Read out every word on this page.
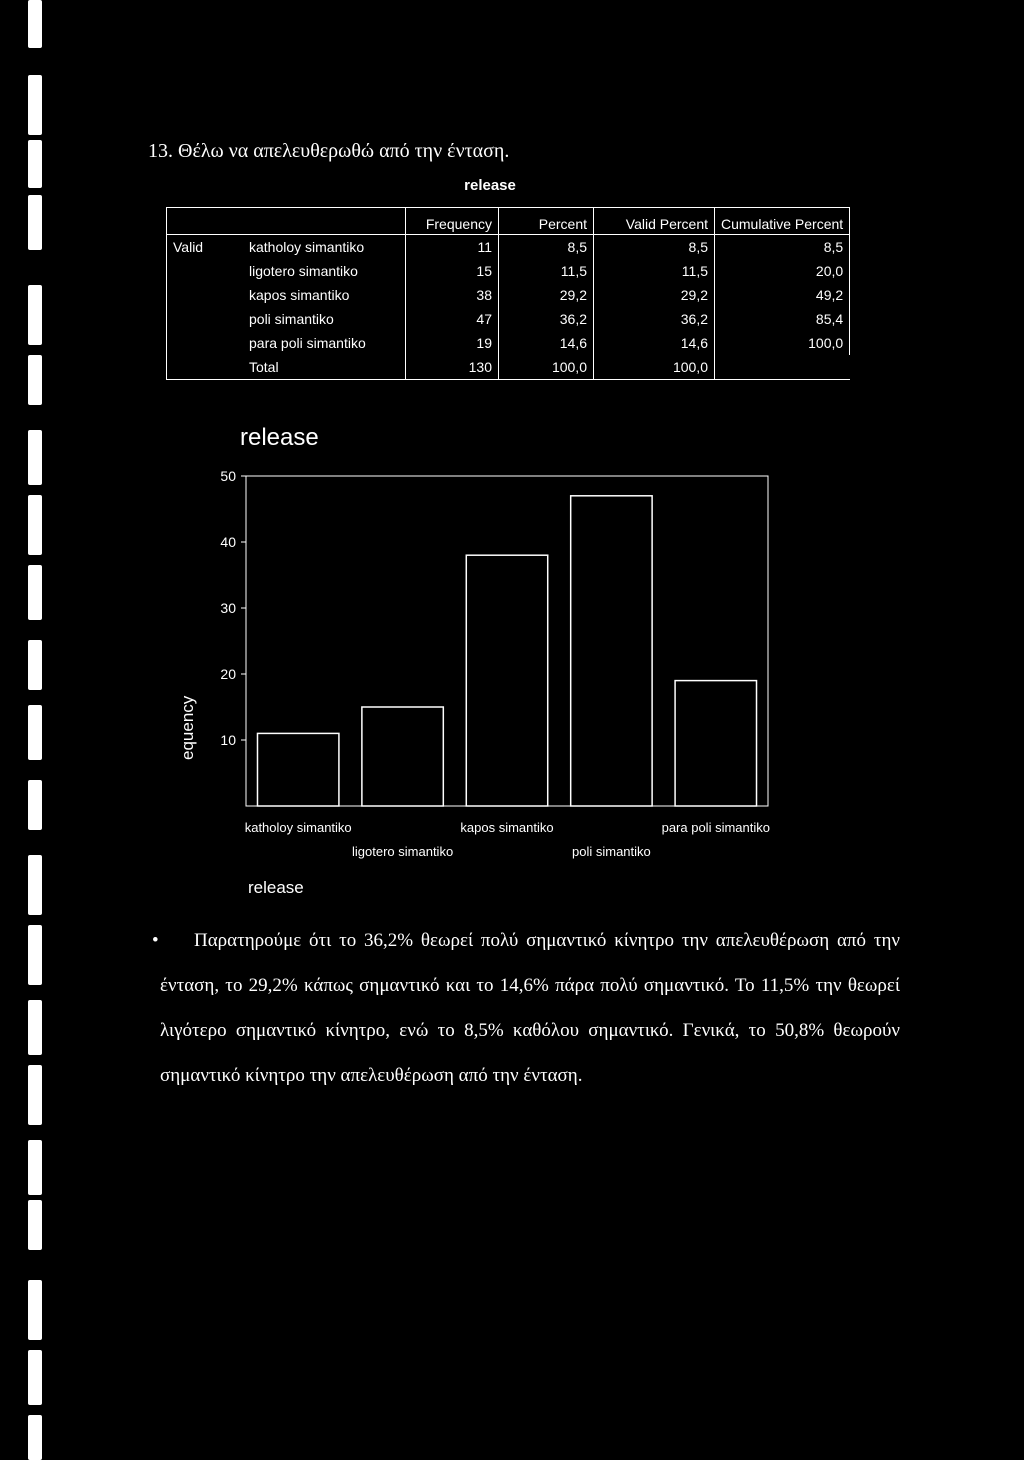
13. Θέλω να απελευθερωθώ από την ένταση.
release
		Frequency	Percent	Valid Percent	Cumulative Percent
Valid	katholoy simantiko	11	8,5	8,5	8,5
	ligotero simantiko	15	11,5	11,5	20,0
	kapos simantiko	38	29,2	29,2	49,2
	poli simantiko	47	36,2	36,2	85,4
	para poli simantiko	19	14,6	14,6	100,0
	Total	130	100,0	100,0	
release
10
20
30
40
50
katholoy simantiko
ligotero simantiko
kapos simantiko
poli simantiko
para poli simantiko
equency
release
•	Παρατηρούμε ότι το 36,2% θεωρεί πολύ σημαντικό κίνητρο την απελευθέρωση από την ένταση, το 29,2% κάπως σημαντικό και το 14,6% πάρα πολύ σημαντικό. Το 11,5% την θεωρεί λιγότερο σημαντικό κίνητρο, ενώ το 8,5% καθόλου σημαντικό. Γενικά, το 50,8% θεωρούν σημαντικό κίνητρο την απελευθέρωση από την ένταση.
